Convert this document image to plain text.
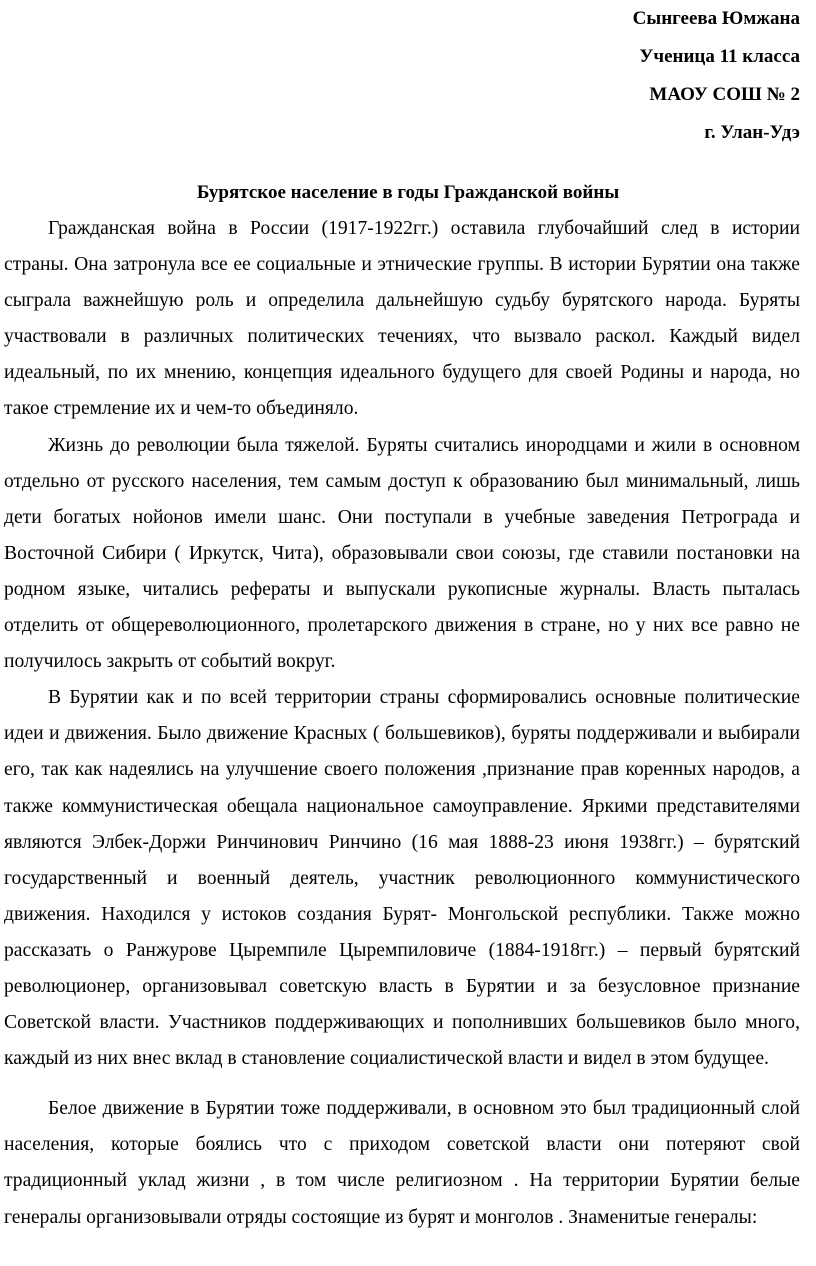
Сынгеева Юмжана
Ученица 11 класса
МАОУ СОШ № 2
г. Улан-Удэ
Бурятское население в годы Гражданской войны

Гражданская война в России (1917-1922гг.) оставила глубочайший след в истории страны. Она затронула все ее социальные и этнические группы. В истории Бурятии она также сыграла важнейшую роль и определила дальнейшую судьбу бурятского народа. Буряты участвовали в различных политических течениях, что вызвало раскол. Каждый видел идеальный, по их мнению, концепция идеального будущего для своей Родины и народа, но такое стремление их и чем-то объединяло.

Жизнь до революции была тяжелой. Буряты считались инородцами и жили в основном отдельно от русского населения, тем самым доступ к образованию был минимальный, лишь дети богатых нойонов имели шанс. Они поступали в учебные заведения Петрограда и Восточной Сибири ( Иркутск, Чита), образовывали свои союзы, где ставили постановки на родном языке, читались рефераты и выпускали рукописные журналы. Власть пыталась отделить от общереволюционного, пролетарского движения в стране, но у них все равно не получилось закрыть от событий вокруг.

В Бурятии как и по всей территории страны сформировались основные политические идеи и движения. Было движение Красных ( большевиков), буряты поддерживали и выбирали его, так как надеялись на улучшение своего положения ,признание прав коренных народов, а также коммунистическая обещала национальное самоуправление. Яркими представителями являются Элбек-Доржи Ринчинович Ринчино (16 мая 1888-23 июня 1938гг.) – бурятский государственный и военный деятель, участник революционного коммунистического движения. Находился у истоков создания Бурят- Монгольской республики. Также можно рассказать о Ранжурове Цыремпиле Цыремпиловиче (1884-1918гг.) – первый бурятский революционер, организовывал советскую власть в Бурятии и за безусловное признание Советской власти. Участников поддерживающих и пополнивших большевиков было много, каждый из них внес вклад в становление социалистической власти и видел в этом будущее.

Белое движение в Бурятии тоже поддерживали, в основном это был традиционный слой населения, которые боялись что с приходом советской власти они потеряют свой традиционный уклад жизни , в том числе религиозном . На территории Бурятии белые генералы организовывали отряды состоящие из бурят и монголов . Знаменитые генералы:
